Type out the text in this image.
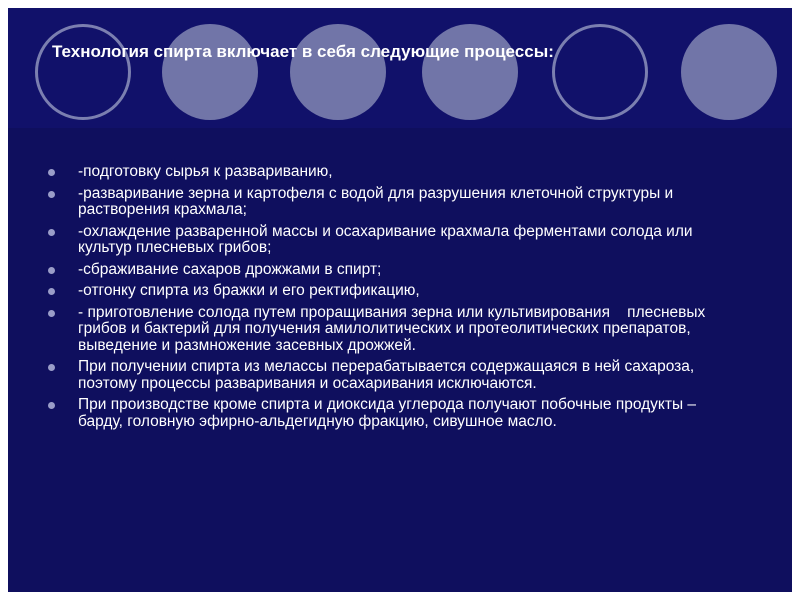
Технология спирта включает в себя следующие процессы:
-подготовку сырья к развариванию,
-разваривание зерна и картофеля с водой для разрушения клеточной структуры и растворения крахмала;
-охлаждение разваренной массы и осахаривание крахмала ферментами солода или культур плесневых грибов;
-сбраживание сахаров дрожжами в спирт;
-отгонку спирта из бражки и его ректификацию,
- приготовление солода путем проращивания зерна или культивирования    плесневых грибов и бактерий для получения амилолитических и протеолитических препаратов, выведение и размножение засевных дрожжей.
При получении спирта из мелассы перерабатывается содержащаяся в ней сахароза, поэтому процессы разваривания и осахаривания исключаются.
При производстве кроме спирта и диоксида углерода получают побочные продукты – барду, головную эфирно-альдегидную фракцию, сивушное масло.
